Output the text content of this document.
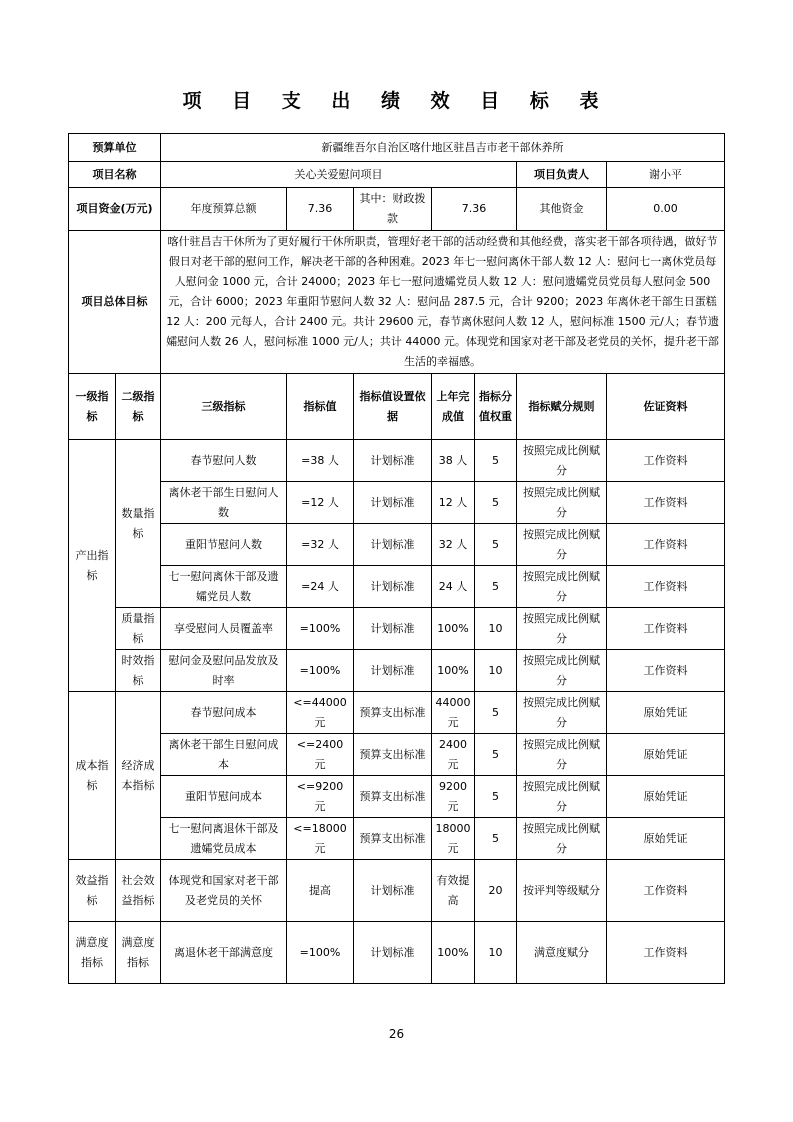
项 目 支 出 绩 效 目 标 表
预算单位		新疆维吾尔自治区喀什地区驻昌吉市老干部休养所						
项目名称		关心关爱慰问项目					项目负责人	谢小平
项目资金(万元)		年度预算总额	7.36	其中：财政拨款	7.36		其他资金	0.00
项目总体目标		喀什驻昌吉干休所为了更好履行干休所职责，管理好老干部的活动经费和其他经费，落实老干部各项待遇，做好节假日对老干部的慰问工作，解决老干部的各种困难。2023 年七一慰问离休干部人数 12 人：慰问七一离休党员每人慰问金 1000 元，合计 24000；2023 年七一慰问遗孀党员人数 12 人：慰问遗孀党员党员每人慰问金 500 元，合计 6000；2023 年重阳节慰问人数 32 人：慰问品 287.5 元，合计 9200；2023 年离休老干部生日蛋糕 12 人：200 元每人，合计 2400 元。共计 29600 元，春节离休慰问人数 12 人，慰问标准 1500 元/人；春节遗孀慰问人数 26 人，慰问标准 1000 元/人；共计 44000 元。体现党和国家对老干部及老党员的关怀，提升老干部生活的幸福感。						
一级指标	二级指标	三级指标	指标值	指标值设置依据	上年完成值	指标分值权重	指标赋分规则	佐证资料
产出指标	数量指标	春节慰问人数	=38 人	计划标准	38 人	5	按照完成比例赋分	工作资料
		离休老干部生日慰问人数	=12 人	计划标准	12 人	5	按照完成比例赋分	工作资料
		重阳节慰问人数	=32 人	计划标准	32 人	5	按照完成比例赋分	工作资料
		七一慰问离休干部及遗孀党员人数	=24 人	计划标准	24 人	5	按照完成比例赋分	工作资料
	质量指标	享受慰问人员覆盖率	=100%	计划标准	100%	10	按照完成比例赋分	工作资料
	时效指标	慰问金及慰问品发放及时率	=100%	计划标准	100%	10	按照完成比例赋分	工作资料
成本指标	经济成本指标	春节慰问成本	<=44000 元	预算支出标准	44000 元	5	按照完成比例赋分	原始凭证
		离休老干部生日慰问成本	<=2400 元	预算支出标准	2400 元	5	按照完成比例赋分	原始凭证
		重阳节慰问成本	<=9200 元	预算支出标准	9200 元	5	按照完成比例赋分	原始凭证
		七一慰问离退休干部及遗孀党员成本	<=18000 元	预算支出标准	18000 元	5	按照完成比例赋分	原始凭证
效益指标	社会效益指标	体现党和国家对老干部及老党员的关怀	提高	计划标准	有效提高	20	按评判等级赋分	工作资料
满意度指标	满意度指标	离退休老干部满意度	=100%	计划标准	100%	10	满意度赋分	工作资料
26
